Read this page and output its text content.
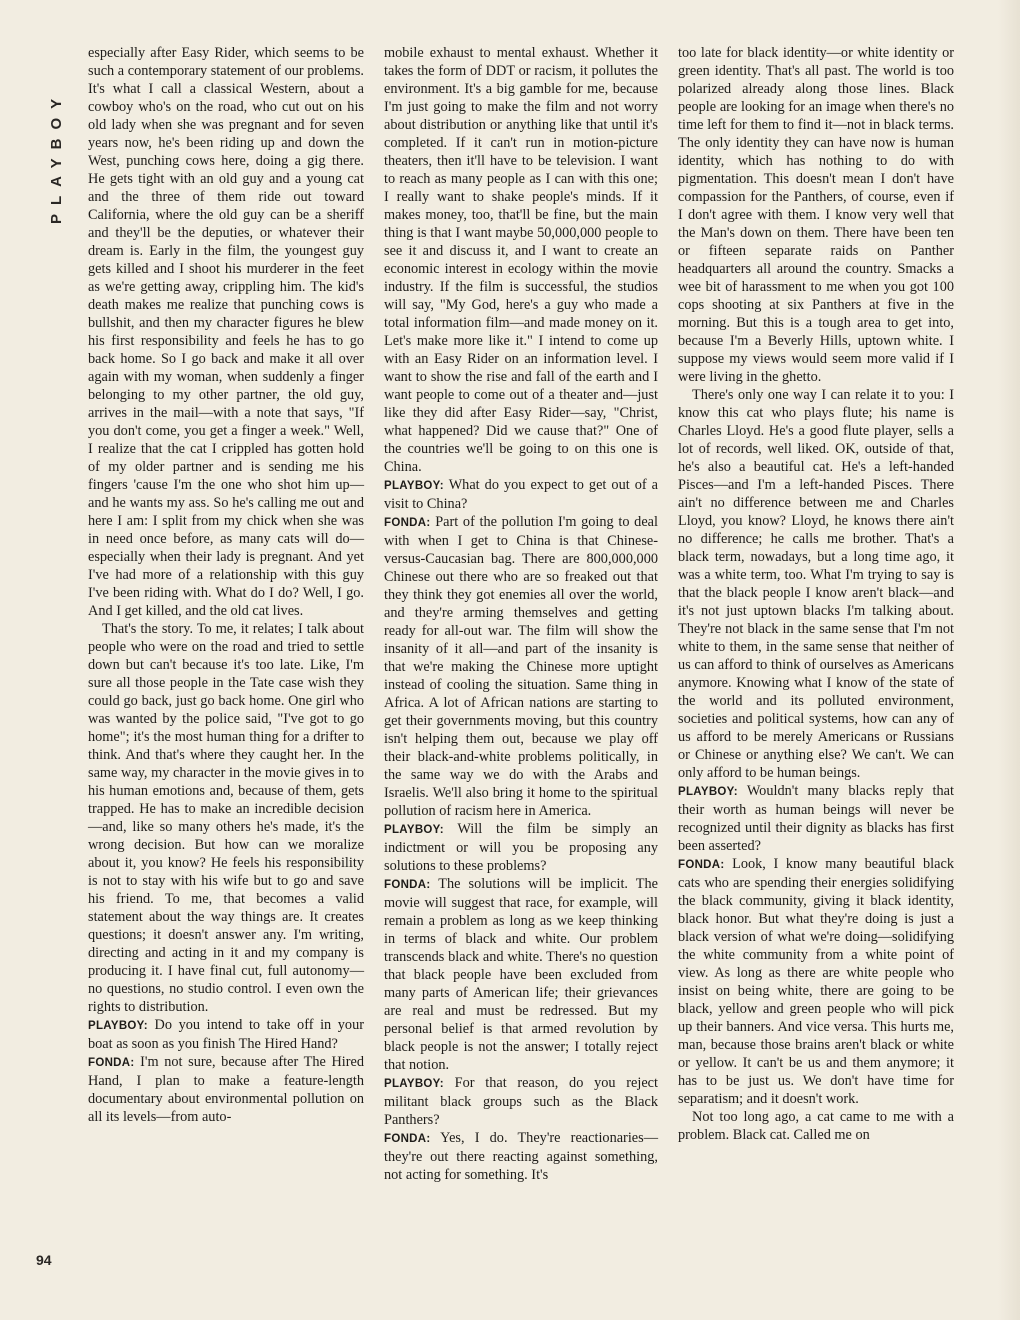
PLAYBOY

especially after Easy Rider, which seems to be such a contemporary statement of our problems. It's what I call a classical Western, about a cowboy who's on the road, who cut out on his old lady when she was pregnant and for seven years now, he's been riding up and down the West, punching cows here, doing a gig there. He gets tight with an old guy and a young cat and the three of them ride out toward California, where the old guy can be a sheriff and they'll be the deputies, or whatever their dream is. Early in the film, the youngest guy gets killed and I shoot his murderer in the feet as we're getting away, crippling him. The kid's death makes me realize that punching cows is bullshit, and then my character figures he blew his first responsibility and feels he has to go back home. So I go back and make it all over again with my woman, when suddenly a finger belonging to my other partner, the old guy, arrives in the mail—with a note that says, "If you don't come, you get a finger a week." Well, I realize that the cat I crippled has gotten hold of my older partner and is sending me his fingers 'cause I'm the one who shot him up—and he wants my ass. So he's calling me out and here I am: I split from my chick when she was in need once before, as many cats will do—especially when their lady is pregnant. And yet I've had more of a relationship with this guy I've been riding with. What do I do? Well, I go. And I get killed, and the old cat lives.

That's the story. To me, it relates; I talk about people who were on the road and tried to settle down but can't because it's too late. Like, I'm sure all those people in the Tate case wish they could go back, just go back home. One girl who was wanted by the police said, "I've got to go home"; it's the most human thing for a drifter to think. And that's where they caught her. In the same way, my character in the movie gives in to his human emotions and, because of them, gets trapped. He has to make an incredible decision—and, like so many others he's made, it's the wrong decision. But how can we moralize about it, you know? He feels his responsibility is not to stay with his wife but to go and save his friend. To me, that becomes a valid statement about the way things are. It creates questions; it doesn't answer any. I'm writing, directing and acting in it and my company is producing it. I have final cut, full autonomy—no questions, no studio control. I even own the rights to distribution.

PLAYBOY: Do you intend to take off in your boat as soon as you finish The Hired Hand?

FONDA: I'm not sure, because after The Hired Hand, I plan to make a feature-length documentary about environmental pollution on all its levels—from auto-

mobile exhaust to mental exhaust. Whether it takes the form of DDT or racism, it pollutes the environment. It's a big gamble for me, because I'm just going to make the film and not worry about distribution or anything like that until it's completed. If it can't run in motion-picture theaters, then it'll have to be television. I want to reach as many people as I can with this one; I really want to shake people's minds. If it makes money, too, that'll be fine, but the main thing is that I want maybe 50,000,000 people to see it and discuss it, and I want to create an economic interest in ecology within the movie industry. If the film is successful, the studios will say, "My God, here's a guy who made a total information film—and made money on it. Let's make more like it." I intend to come up with an Easy Rider on an information level. I want to show the rise and fall of the earth and I want people to come out of a theater and—just like they did after Easy Rider—say, "Christ, what happened? Did we cause that?" One of the countries we'll be going to on this one is China.

PLAYBOY: What do you expect to get out of a visit to China?

FONDA: Part of the pollution I'm going to deal with when I get to China is that Chinese-versus-Caucasian bag. There are 800,000,000 Chinese out there who are so freaked out that they think they got enemies all over the world, and they're arming themselves and getting ready for all-out war. The film will show the insanity of it all—and part of the insanity is that we're making the Chinese more uptight instead of cooling the situation. Same thing in Africa. A lot of African nations are starting to get their governments moving, but this country isn't helping them out, because we play off their black-and-white problems politically, in the same way we do with the Arabs and Israelis. We'll also bring it home to the spiritual pollution of racism here in America.

PLAYBOY: Will the film be simply an indictment or will you be proposing any solutions to these problems?

FONDA: The solutions will be implicit. The movie will suggest that race, for example, will remain a problem as long as we keep thinking in terms of black and white. Our problem transcends black and white. There's no question that black people have been excluded from many parts of American life; their grievances are real and must be redressed. But my personal belief is that armed revolution by black people is not the answer; I totally reject that notion.

PLAYBOY: For that reason, do you reject militant black groups such as the Black Panthers?

FONDA: Yes, I do. They're reactionaries—they're out there reacting against something, not acting for something. It's

too late for black identity—or white identity or green identity. That's all past. The world is too polarized already along those lines. Black people are looking for an image when there's no time left for them to find it—not in black terms. The only identity they can have now is human identity, which has nothing to do with pigmentation. This doesn't mean I don't have compassion for the Panthers, of course, even if I don't agree with them. I know very well that the Man's down on them. There have been ten or fifteen separate raids on Panther headquarters all around the country. Smacks a wee bit of harassment to me when you got 100 cops shooting at six Panthers at five in the morning. But this is a tough area to get into, because I'm a Beverly Hills, uptown white. I suppose my views would seem more valid if I were living in the ghetto.

There's only one way I can relate it to you: I know this cat who plays flute; his name is Charles Lloyd. He's a good flute player, sells a lot of records, well liked. OK, outside of that, he's also a beautiful cat. He's a left-handed Pisces—and I'm a left-handed Pisces. There ain't no difference between me and Charles Lloyd, you know? Lloyd, he knows there ain't no difference; he calls me brother. That's a black term, nowadays, but a long time ago, it was a white term, too. What I'm trying to say is that the black people I know aren't black—and it's not just uptown blacks I'm talking about. They're not black in the same sense that I'm not white to them, in the same sense that neither of us can afford to think of ourselves as Americans anymore. Knowing what I know of the state of the world and its polluted environment, societies and political systems, how can any of us afford to be merely Americans or Russians or Chinese or anything else? We can't. We can only afford to be human beings.

PLAYBOY: Wouldn't many blacks reply that their worth as human beings will never be recognized until their dignity as blacks has first been asserted?

FONDA: Look, I know many beautiful black cats who are spending their energies solidifying the black community, giving it black identity, black honor. But what they're doing is just a black version of what we're doing—solidifying the white community from a white point of view. As long as there are white people who insist on being white, there are going to be black, yellow and green people who will pick up their banners. And vice versa. This hurts me, man, because those brains aren't black or white or yellow. It can't be us and them anymore; it has to be just us. We don't have time for separatism; and it doesn't work.

Not too long ago, a cat came to me with a problem. Black cat. Called me on

94
